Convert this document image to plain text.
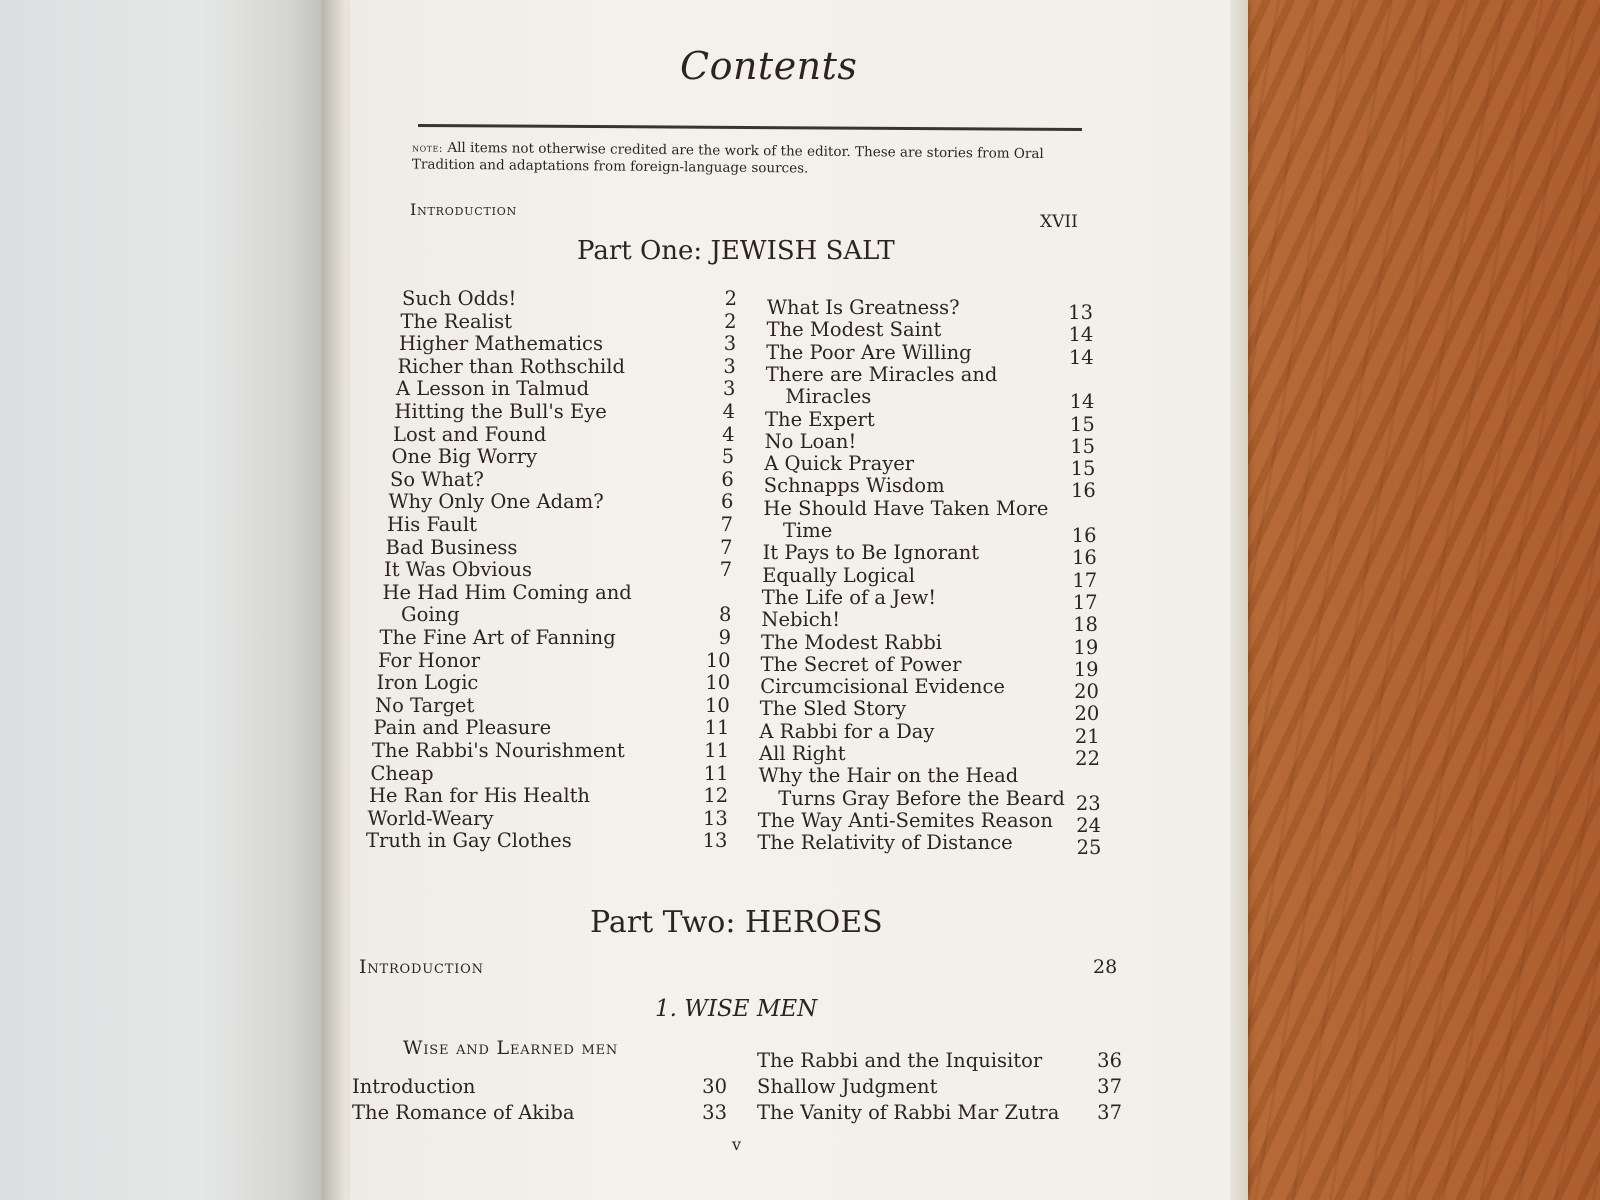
Contents
note: All items not otherwise credited are the work of the editor. These are stories from Oral Tradition and adaptations from foreign-language sources.
Introduction
XVII
Part One: JEWISH SALT
Such Odds!	2
The Realist	2
Higher Mathematics	3
Richer than Rothschild	3
A Lesson in Talmud	3
Hitting the Bull's Eye	4
Lost and Found	4
One Big Worry	5
So What?	6
Why Only One Adam?	6
His Fault	7
Bad Business	7
It Was Obvious	7
He Had Him Coming and
Going	8
The Fine Art of Fanning	9
For Honor	10
Iron Logic	10
No Target	10
Pain and Pleasure	11
The Rabbi's Nourishment	11
Cheap	11
He Ran for His Health	12
World-Weary	13
Truth in Gay Clothes	13
What Is Greatness?	13
The Modest Saint	14
The Poor Are Willing	14
There are Miracles and
Miracles	14
The Expert	15
No Loan!	15
A Quick Prayer	15
Schnapps Wisdom	16
He Should Have Taken More
Time	16
It Pays to Be Ignorant	16
Equally Logical	17
The Life of a Jew!	17
Nebich!	18
The Modest Rabbi	19
The Secret of Power	19
Circumcisional Evidence	20
The Sled Story	20
A Rabbi for a Day	21
All Right	22
Why the Hair on the Head
Turns Gray Before the Beard 23
The Way Anti-Semites Reason	24
The Relativity of Distance	25
Part Two: HEROES
Introduction	28
1. WISE MEN
Wise and Learned men
Introduction	30
The Romance of Akiba	33
The Rabbi and the Inquisitor	36
Shallow Judgment	37
The Vanity of Rabbi Mar Zutra	37
v
